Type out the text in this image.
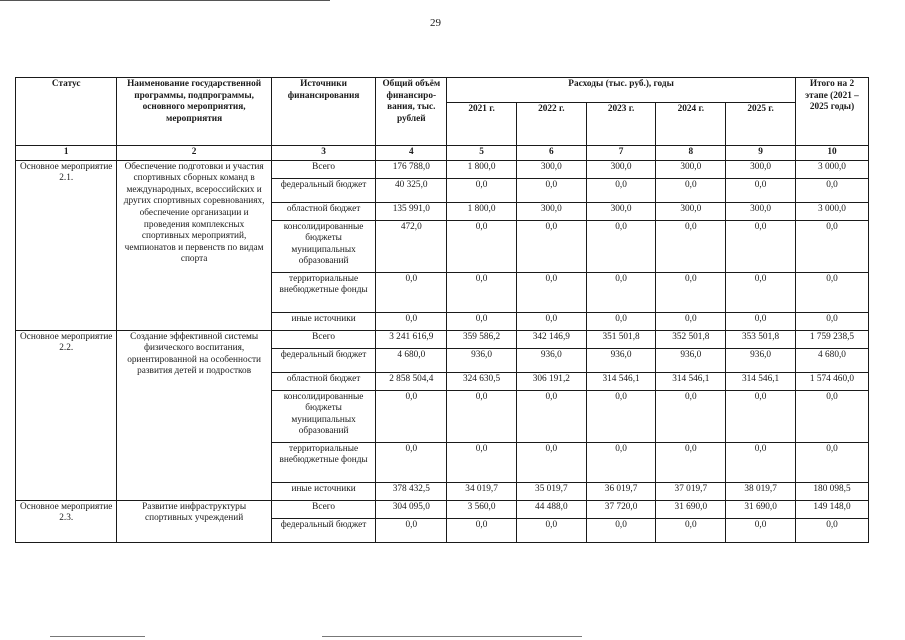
29
Статус	Наименование государственной программы, подпрограммы, основного мероприятия, мероприятия	Источники финансирования	Общий объём финансиро-вания, тыс. рублей	Расходы (тыс. руб.), годы					Итого на 2 этапе (2021 – 2025 годы)
				2021 г.	2022 г.	2023 г.	2024 г.	2025 г.	
1	2	3	4	5	6	7	8	9	10
Основное мероприятие 2.1.	Обеспечение подготовки и участия спортивных сборных команд в международных, всероссийских и других спортивных соревнованиях, обеспечение организации и проведения комплексных спортивных мероприятий, чемпионатов и первенств по видам спорта	Всего	176 788,0	1 800,0	300,0	300,0	300,0	300,0	3 000,0
		федеральный бюджет	40 325,0	0,0	0,0	0,0	0,0	0,0	0,0
		областной бюджет	135 991,0	1 800,0	300,0	300,0	300,0	300,0	3 000,0
		консолидированные бюджеты муниципальных образований	472,0	0,0	0,0	0,0	0,0	0,0	0,0
		территориальные внебюджетные фонды	0,0	0,0	0,0	0,0	0,0	0,0	0,0
		иные источники	0,0	0,0	0,0	0,0	0,0	0,0	0,0
Основное мероприятие 2.2.	Создание эффективной системы физического воспитания, ориентированной на особенности развития детей и подростков	Всего	3 241 616,9	359 586,2	342 146,9	351 501,8	352 501,8	353 501,8	1 759 238,5
		федеральный бюджет	4 680,0	936,0	936,0	936,0	936,0	936,0	4 680,0
		областной бюджет	2 858 504,4	324 630,5	306 191,2	314 546,1	314 546,1	314 546,1	1 574 460,0
		консолидированные бюджеты муниципальных образований	0,0	0,0	0,0	0,0	0,0	0,0	0,0
		территориальные внебюджетные фонды	0,0	0,0	0,0	0,0	0,0	0,0	0,0
		иные источники	378 432,5	34 019,7	35 019,7	36 019,7	37 019,7	38 019,7	180 098,5
Основное мероприятие 2.3.	Развитие инфраструктуры спортивных учреждений	Всего	304 095,0	3 560,0	44 488,0	37 720,0	31 690,0	31 690,0	149 148,0
		федеральный бюджет	0,0	0,0	0,0	0,0	0,0	0,0	0,0
